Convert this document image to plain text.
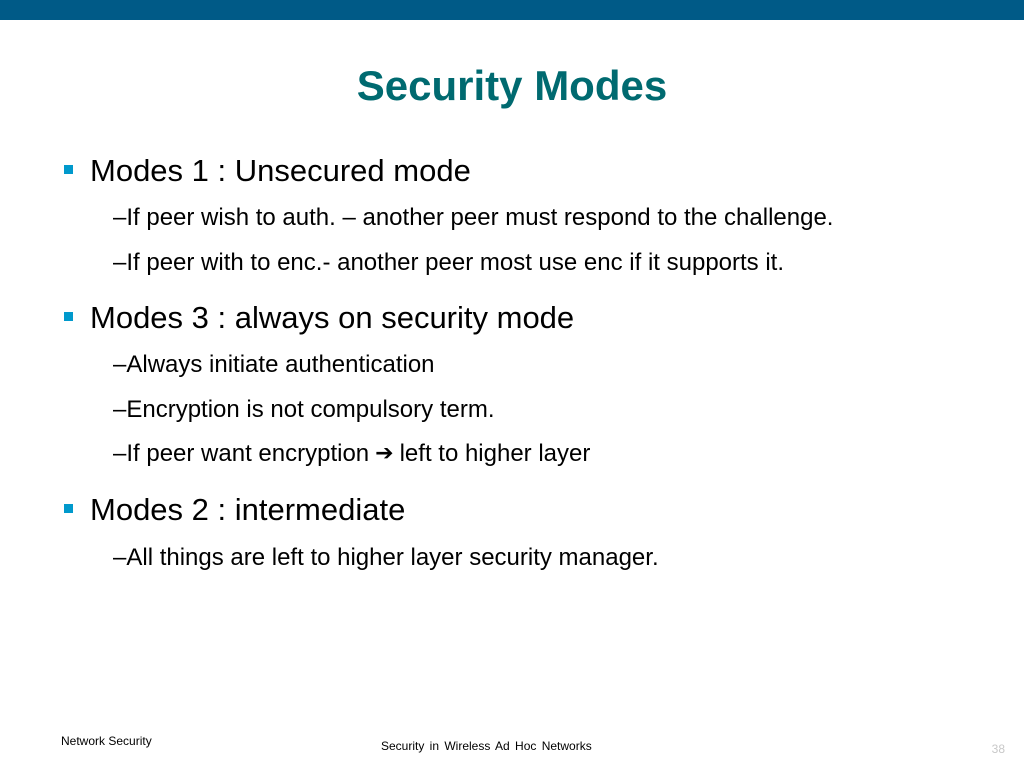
Security Modes
Modes 1 : Unsecured mode
–If peer wish to auth. – another peer must respond to the challenge.
–If peer with to enc.- another peer most use enc if it supports it.
Modes 3 : always on security mode
–Always initiate authentication
–Encryption is not compulsory term.
–If peer want encryption ➔ left to higher layer
Modes 2 : intermediate
–All things are left to higher layer security manager.
Network Security	Security in Wireless Ad Hoc Networks	38
